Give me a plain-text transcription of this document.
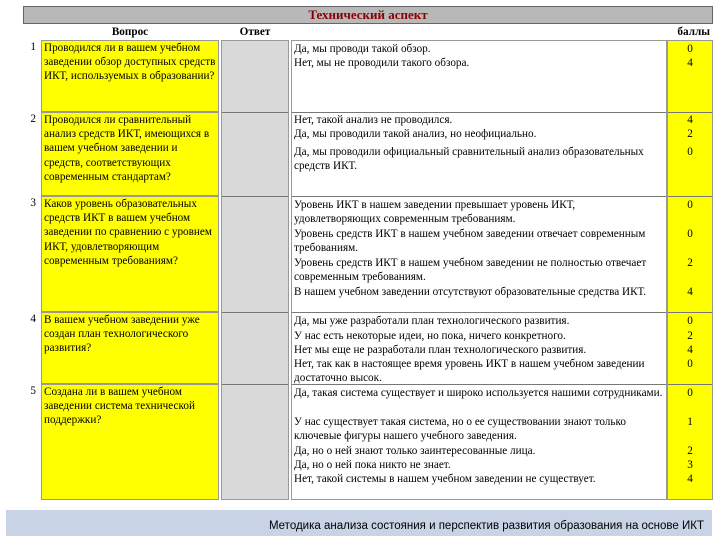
Технический аспект
Вопрос	Ответ	баллы
1
2
3
4
5
Проводился ли в вашем учебном заведении обзор доступных средств ИКТ, используемых в образовании?
Проводился ли сравнительный анализ средств ИКТ, имеющихся в вашем учебном заведении и средств, соответствующих современным стандартам?
Каков уровень образовательных средств ИКТ в вашем учебном заведении по сравнению с уровнем ИКТ, удовлетворяющим современным требованиям?
В вашем учебном заведении уже создан план технологического развития?
Создана ли в вашем учебном заведении система технической поддержки?
Да, мы проводи такой обзор.
Нет, мы не проводили такого обзора.
Нет, такой анализ не проводился.
Да, мы проводили такой анализ, но неофициально.
Да, мы проводили официальный сравнительный анализ образовательных средств ИКТ.
Уровень ИКТ в нашем заведении превышает уровень ИКТ, удовлетворяющих современным требованиям.
Уровень средств ИКТ в нашем учебном заведении отвечает современным требованиям.
Уровень средств ИКТ в нашем учебном заведении не полностью отвечает современным требованиям.
В нашем учебном заведении отсутствуют образовательные средства ИКТ.
Да, мы уже разработали план технологического развития.
У нас есть некоторые идеи, но пока, ничего конкретного.
Нет мы еще не разработали план технологического развития.
Нет, так как в настоящее время уровень ИКТ в нашем учебном заведении достаточно высок.
Да, такая система существует и широко используется нашими сотрудниками.
У нас существует такая система, но о ее существовании знают только ключевые фигуры нашего учебного заведения.
Да, но о ней знают только заинтересованные лица.
Да, но о ней пока никто не знает.
Нет, такой системы в нашем учебном заведении не существует.
0
4
4
2
0
0
0
2
4
0
2
4
0
0
1
2
3
4
Методика анализа состояния и перспектив развития образования на основе ИКТ
